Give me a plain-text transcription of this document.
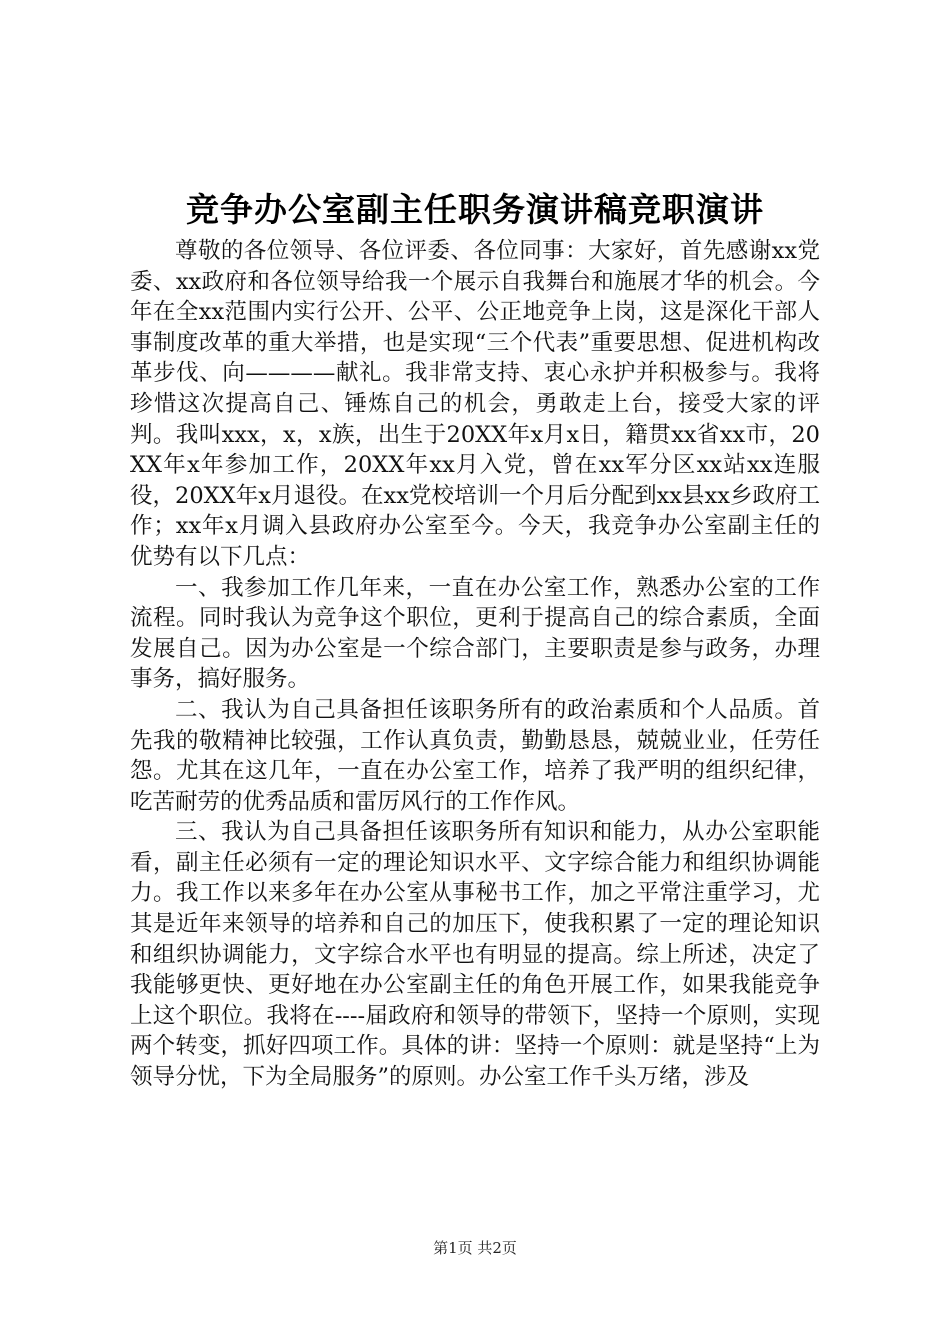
竞争办公室副主任职务演讲稿竞职演讲

尊敬的各位领导、各位评委、各位同事：大家好，首先感谢xx党委、xx政府和各位领导给我一个展示自我舞台和施展才华的机会。今年在全xx范围内实行公开、公平、公正地竞争上岗，这是深化干部人事制度改革的重大举措，也是实现“三个代表”重要思想、促进机构改革步伐、向————献礼。我非常支持、衷心永护并积极参与。我将珍惜这次提高自己、锤炼自己的机会，勇敢走上台，接受大家的评判。我叫xxx，x，x族，出生于20XX年x月x日，籍贯xx省xx市，20XX年x年参加工作，20XX年xx月入党，曾在xx军分区xx站xx连服役，20XX年x月退役。在xx党校培训一个月后分配到xx县xx乡政府工作；xx年x月调入县政府办公室至今。今天，我竞争办公室副主任的优势有以下几点：

一、我参加工作几年来，一直在办公室工作，熟悉办公室的工作流程。同时我认为竞争这个职位，更利于提高自己的综合素质，全面发展自己。因为办公室是一个综合部门，主要职责是参与政务，办理事务，搞好服务。

二、我认为自己具备担任该职务所有的政治素质和个人品质。首先我的敬精神比较强，工作认真负责，勤勤恳恳，兢兢业业，任劳任怨。尤其在这几年，一直在办公室工作，培养了我严明的组织纪律，吃苦耐劳的优秀品质和雷厉风行的工作作风。

三、我认为自己具备担任该职务所有知识和能力，从办公室职能看，副主任必须有一定的理论知识水平、文字综合能力和组织协调能力。我工作以来多年在办公室从事秘书工作，加之平常注重学习，尤其是近年来领导的培养和自己的加压下，使我积累了一定的理论知识和组织协调能力，文字综合水平也有明显的提高。综上所述，决定了我能够更快、更好地在办公室副主任的角色开展工作，如果我能竞争上这个职位。我将在----届政府和领导的带领下，坚持一个原则，实现两个转变，抓好四项工作。具体的讲：坚持一个原则：就是坚持“上为领导分忧，下为全局服务”的原则。办公室工作千头万绪，涉及

第1页 共2页
